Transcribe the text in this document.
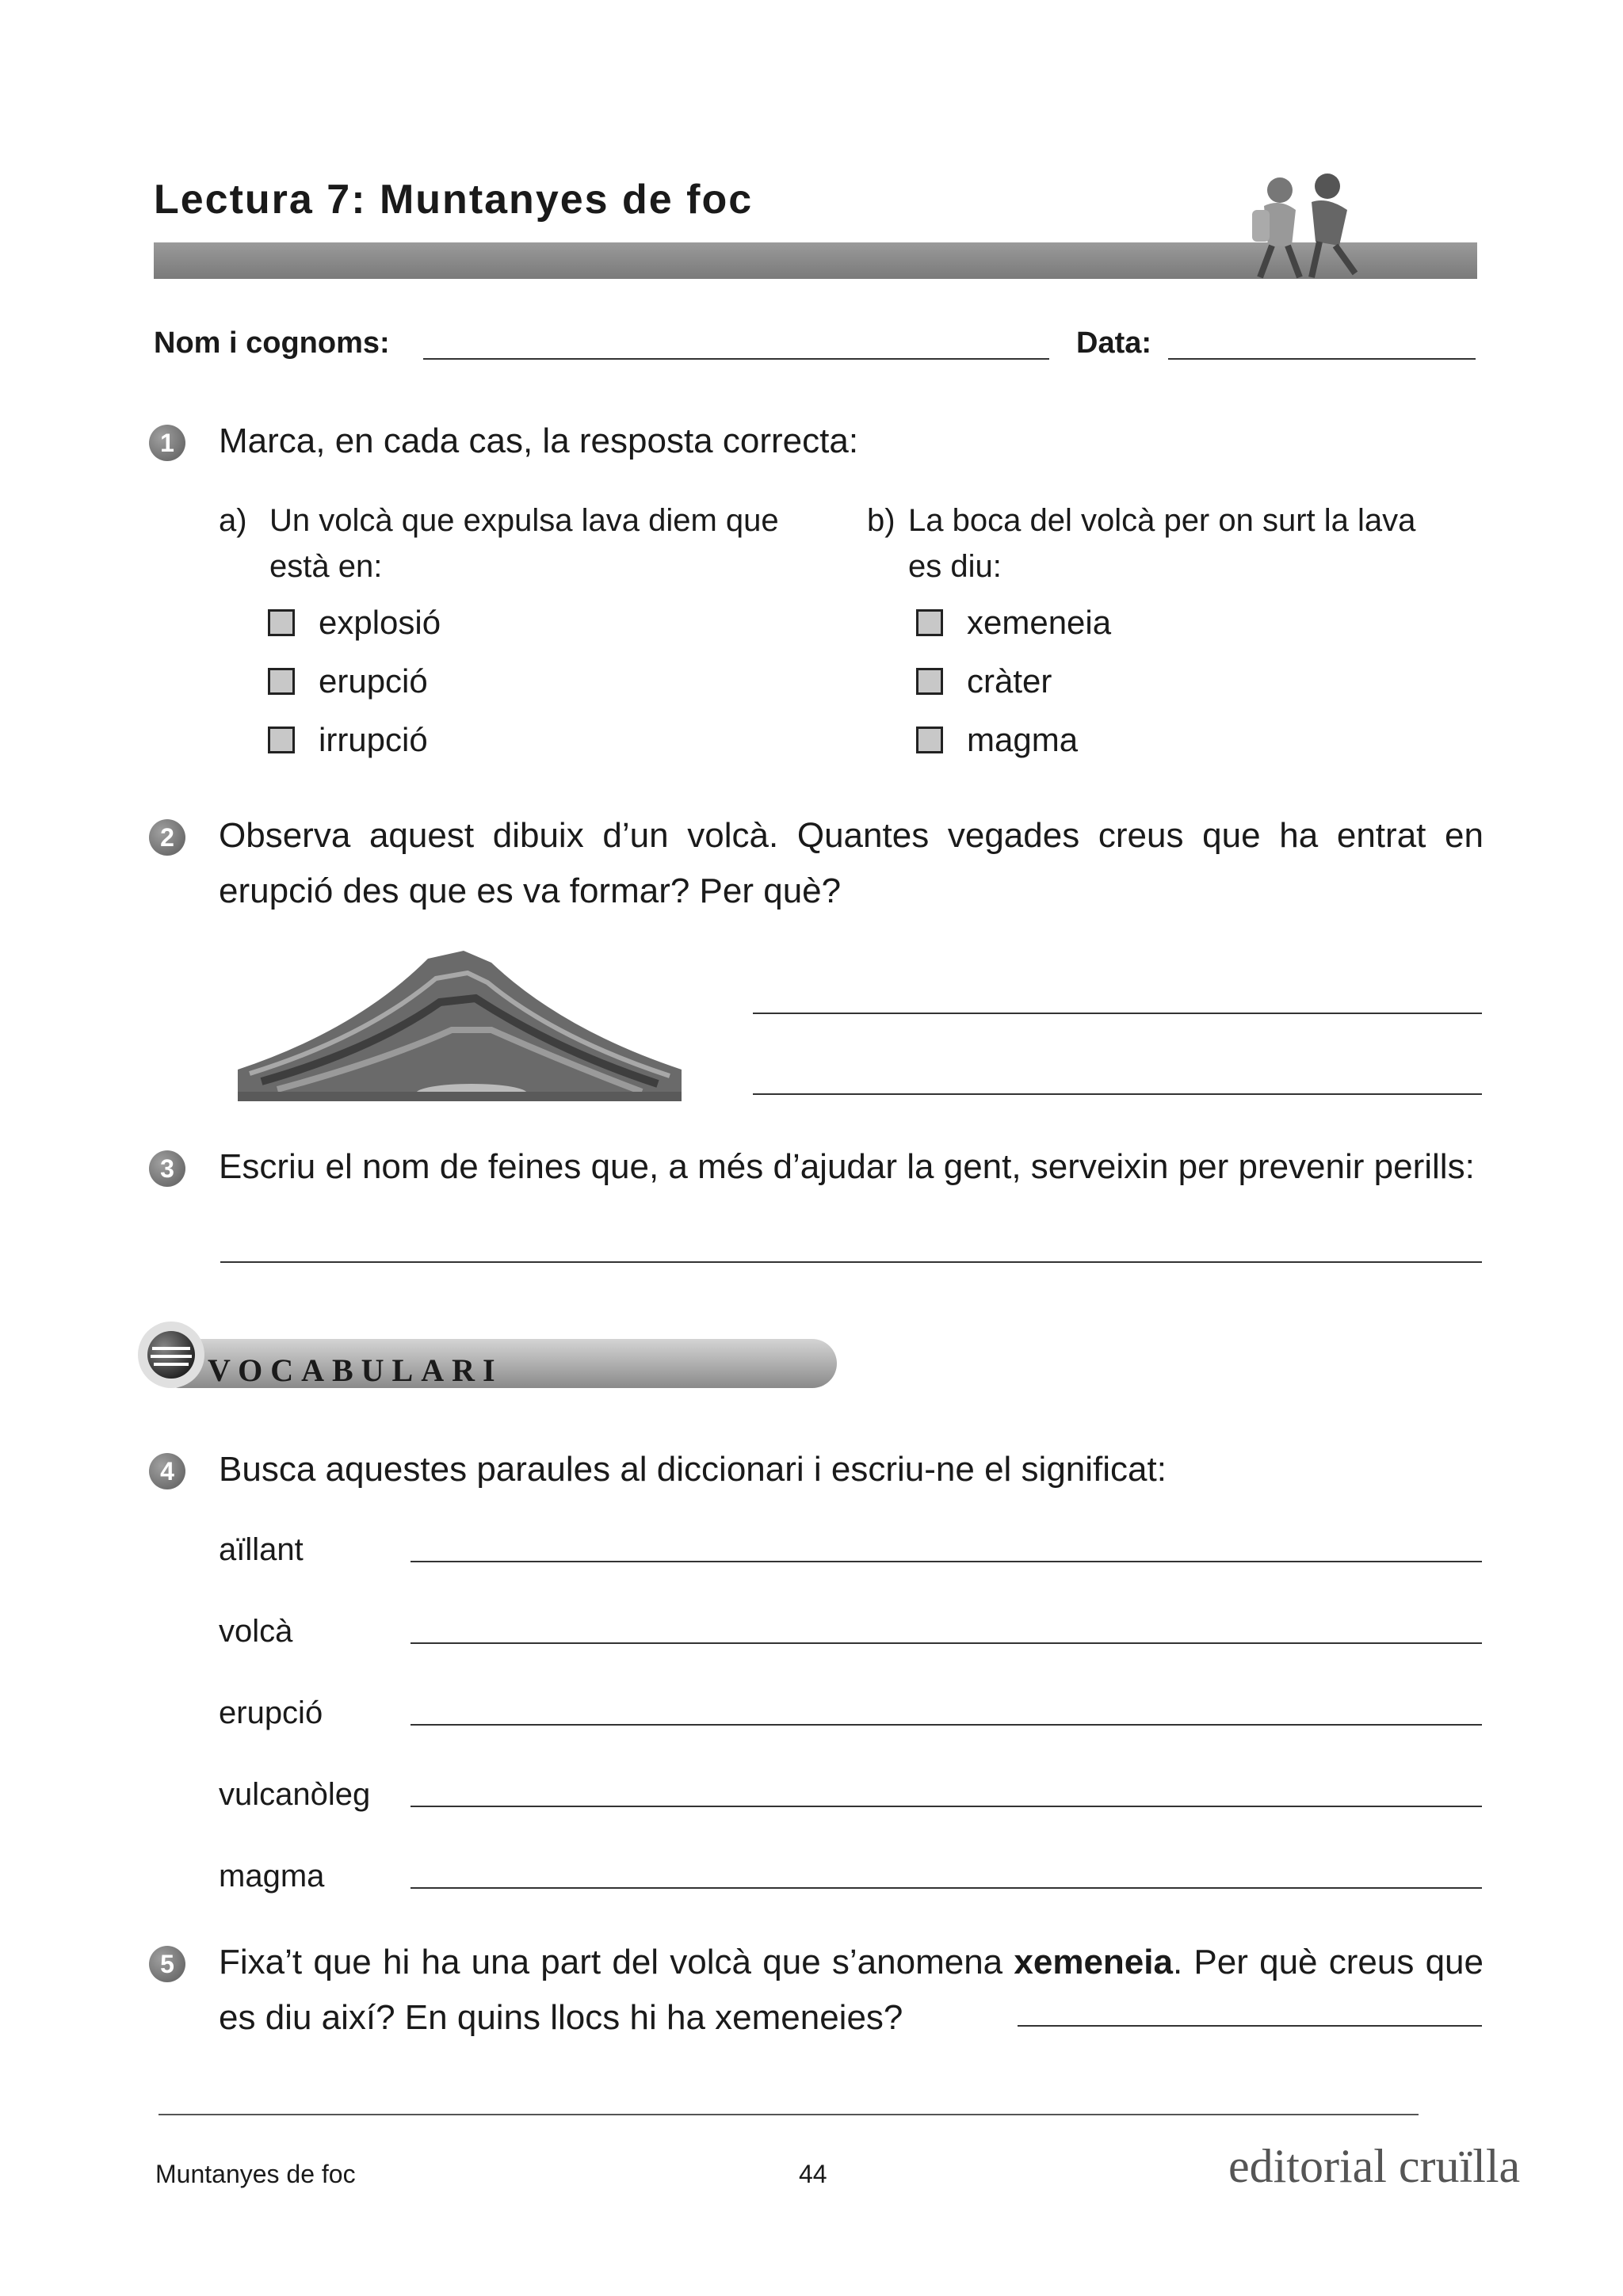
Lectura 7: Muntanyes de foc
Nom i cognoms:	Data:
1	Marca, en cada cas, la resposta correcta:
a) Un volcà que expulsa lava diem que
està en:
explosió
erupció
irrupció
b) La boca del volcà per on surt la lava
es diu:
xemeneia
cràter
magma
2	Observa aquest dibuix d’un volcà. Quantes vegades creus que ha entrat en erupció des que es va formar? Per què?
3	Escriu el nom de feines que, a més d’ajudar la gent, serveixin per prevenir perills:
VOCABULARI
4	Busca aquestes paraules al diccionari i escriu-ne el significat:
aïllant
volcà
erupció
vulcanòleg
magma
5	Fixa’t que hi ha una part del volcà que s’anomena xemeneia. Per què creus que es diu així? En quins llocs hi ha xemeneies?
Muntanyes de foc	44	editorial cruïlla
